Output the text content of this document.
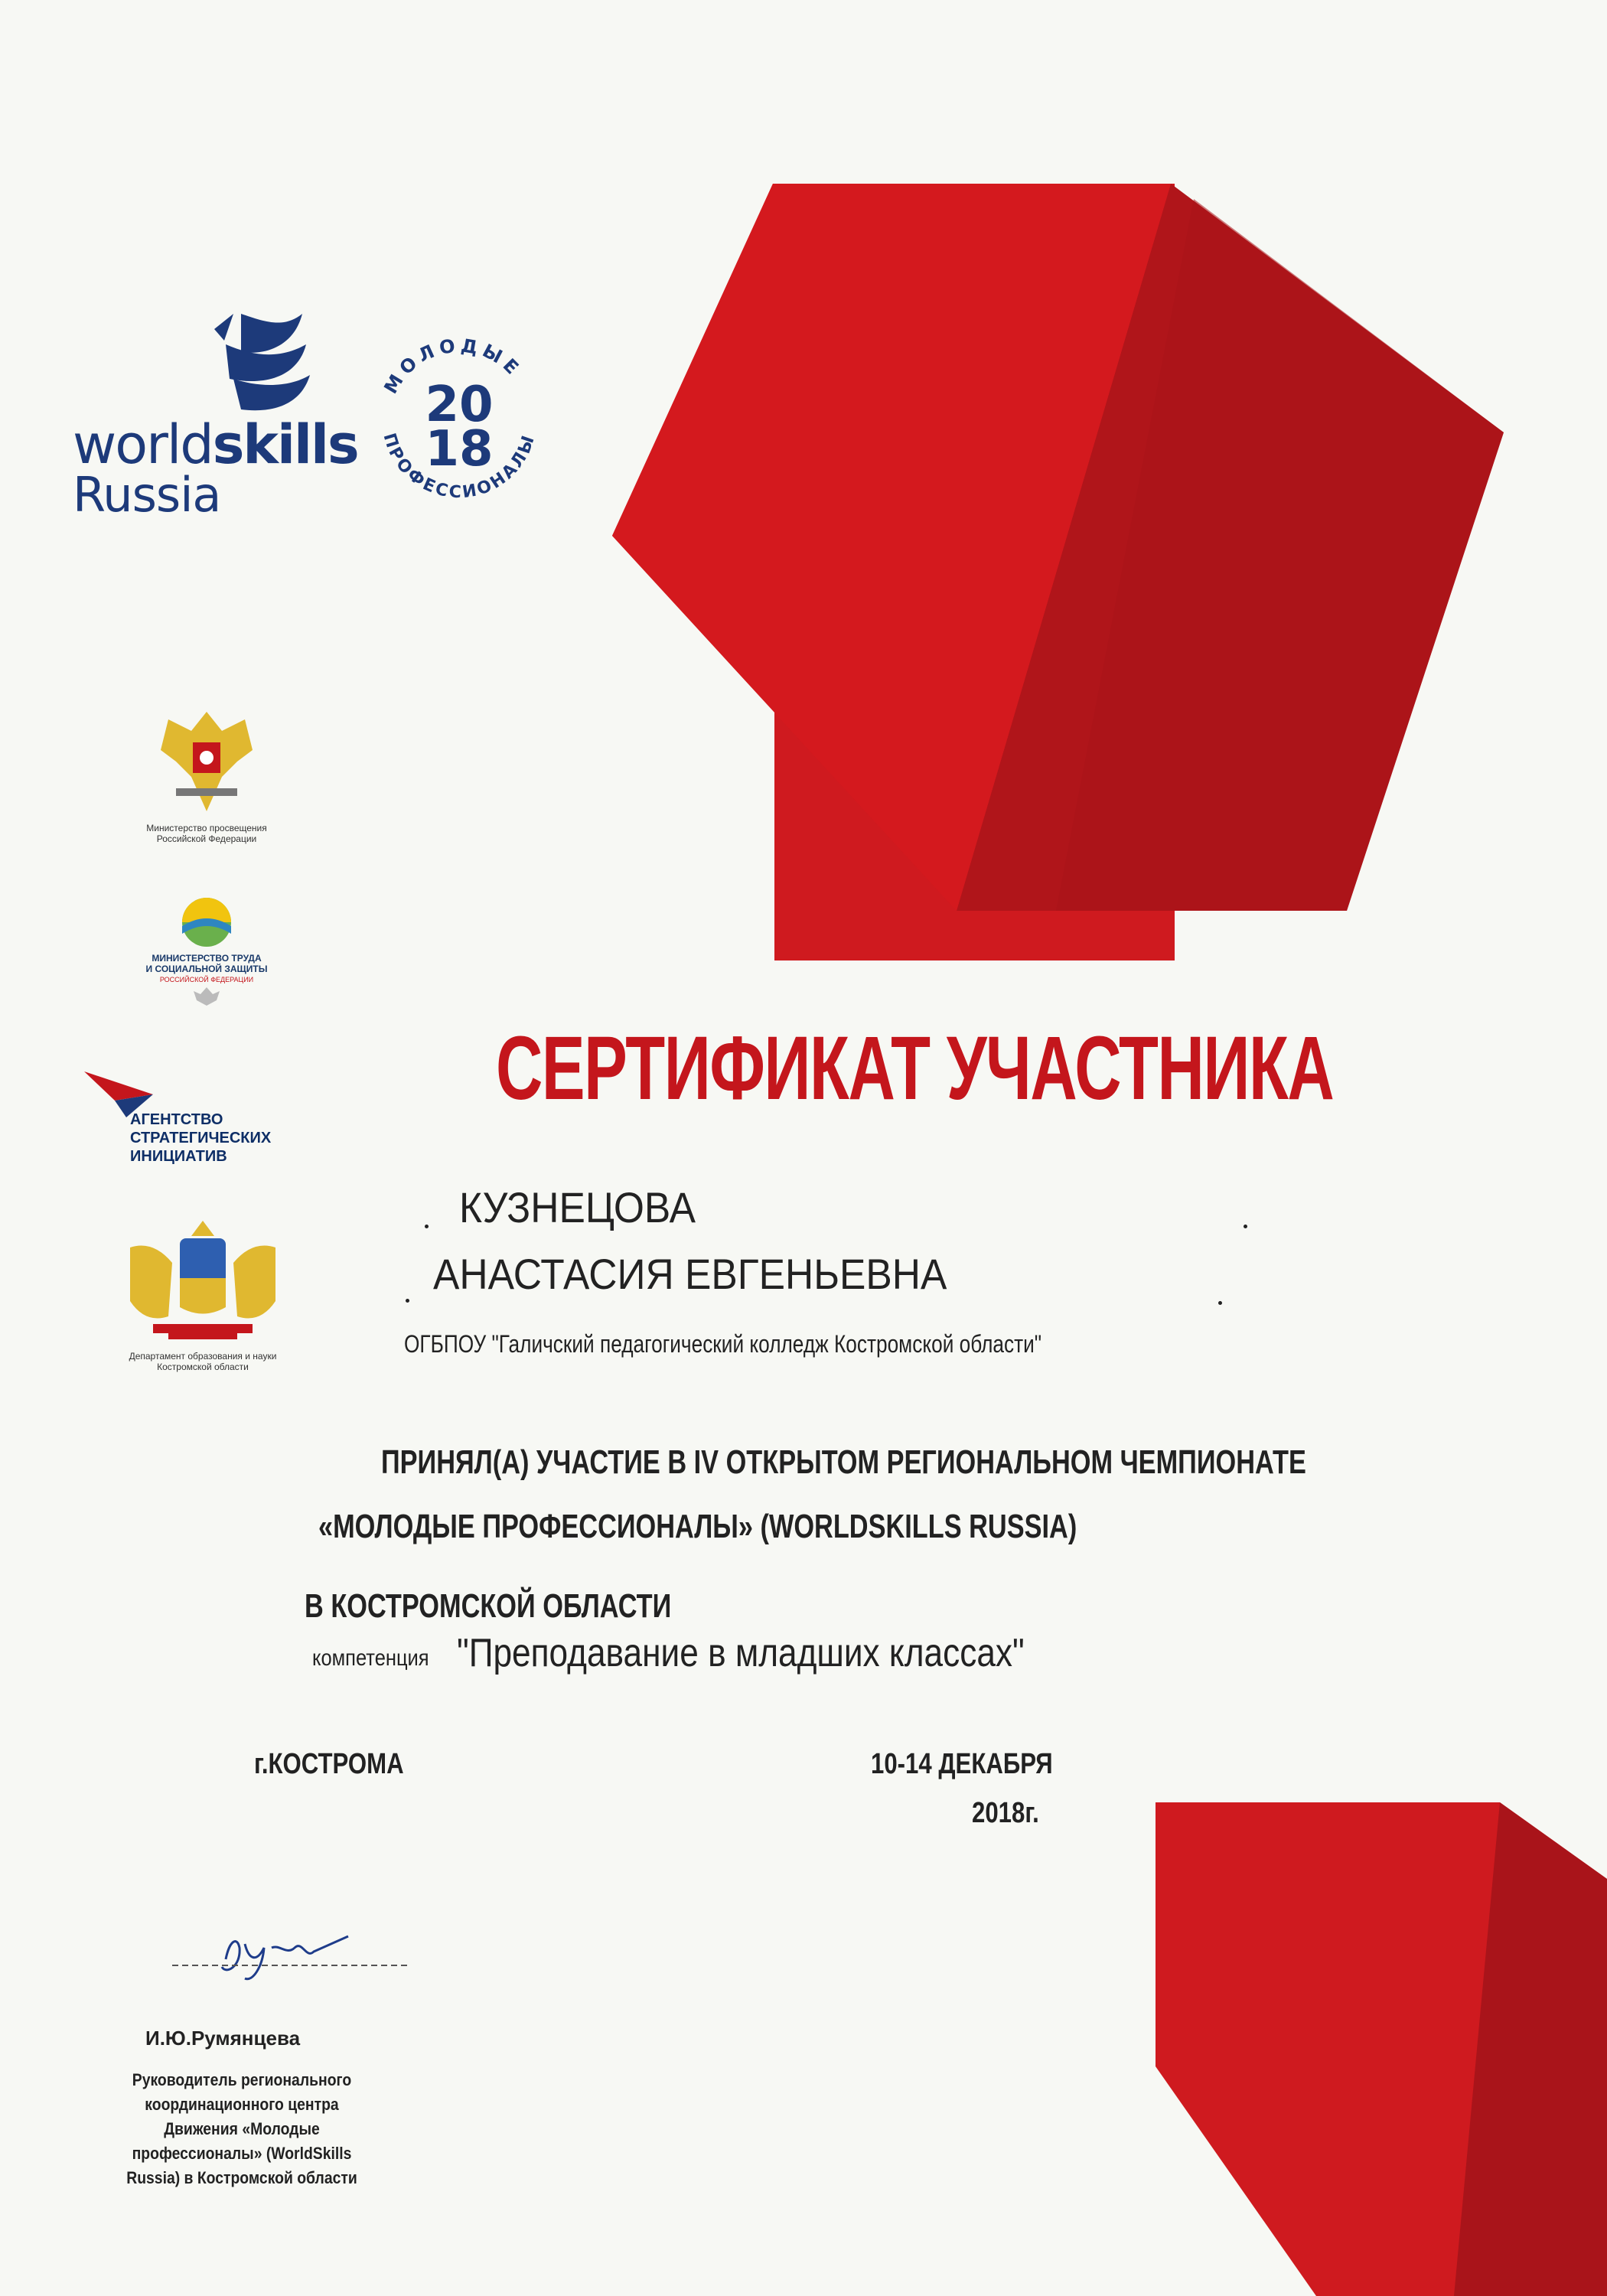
worldskills
Russia
МОЛОДЫЕ
ПРОФЕССИОНАЛЫ
20
18
Министерство просвещения
Российской Федерации
МИНИСТЕРСТВО ТРУДА
И СОЦИАЛЬНОЙ ЗАЩИТЫ
РОССИЙСКОЙ ФЕДЕРАЦИИ
АГЕНТСТВО
СТРАТЕГИЧЕСКИХ
ИНИЦИАТИВ
Департамент образования и науки
Костромской области
СЕРТИФИКАТ УЧАСТНИКА
КУЗНЕЦОВА
АНАСТАСИЯ ЕВГЕНЬЕВНА
ОГБПОУ "Галичский педагогический колледж Костромской области"
ПРИНЯЛ(А) УЧАСТИЕ В IV ОТКРЫТОМ РЕГИОНАЛЬНОМ ЧЕМПИОНАТЕ
«МОЛОДЫЕ ПРОФЕССИОНАЛЫ» (WORLDSKILLS RUSSIA)
В КОСТРОМСКОЙ ОБЛАСТИ
компетенция "Преподавание в младших классах"
г.КОСТРОМА	10-14 ДЕКАБРЯ
2018г.
И.Ю.Румянцева
Руководитель регионального
координационного центра
Движения «Молодые
профессионалы» (WorldSkills
Russia) в Костромской области
